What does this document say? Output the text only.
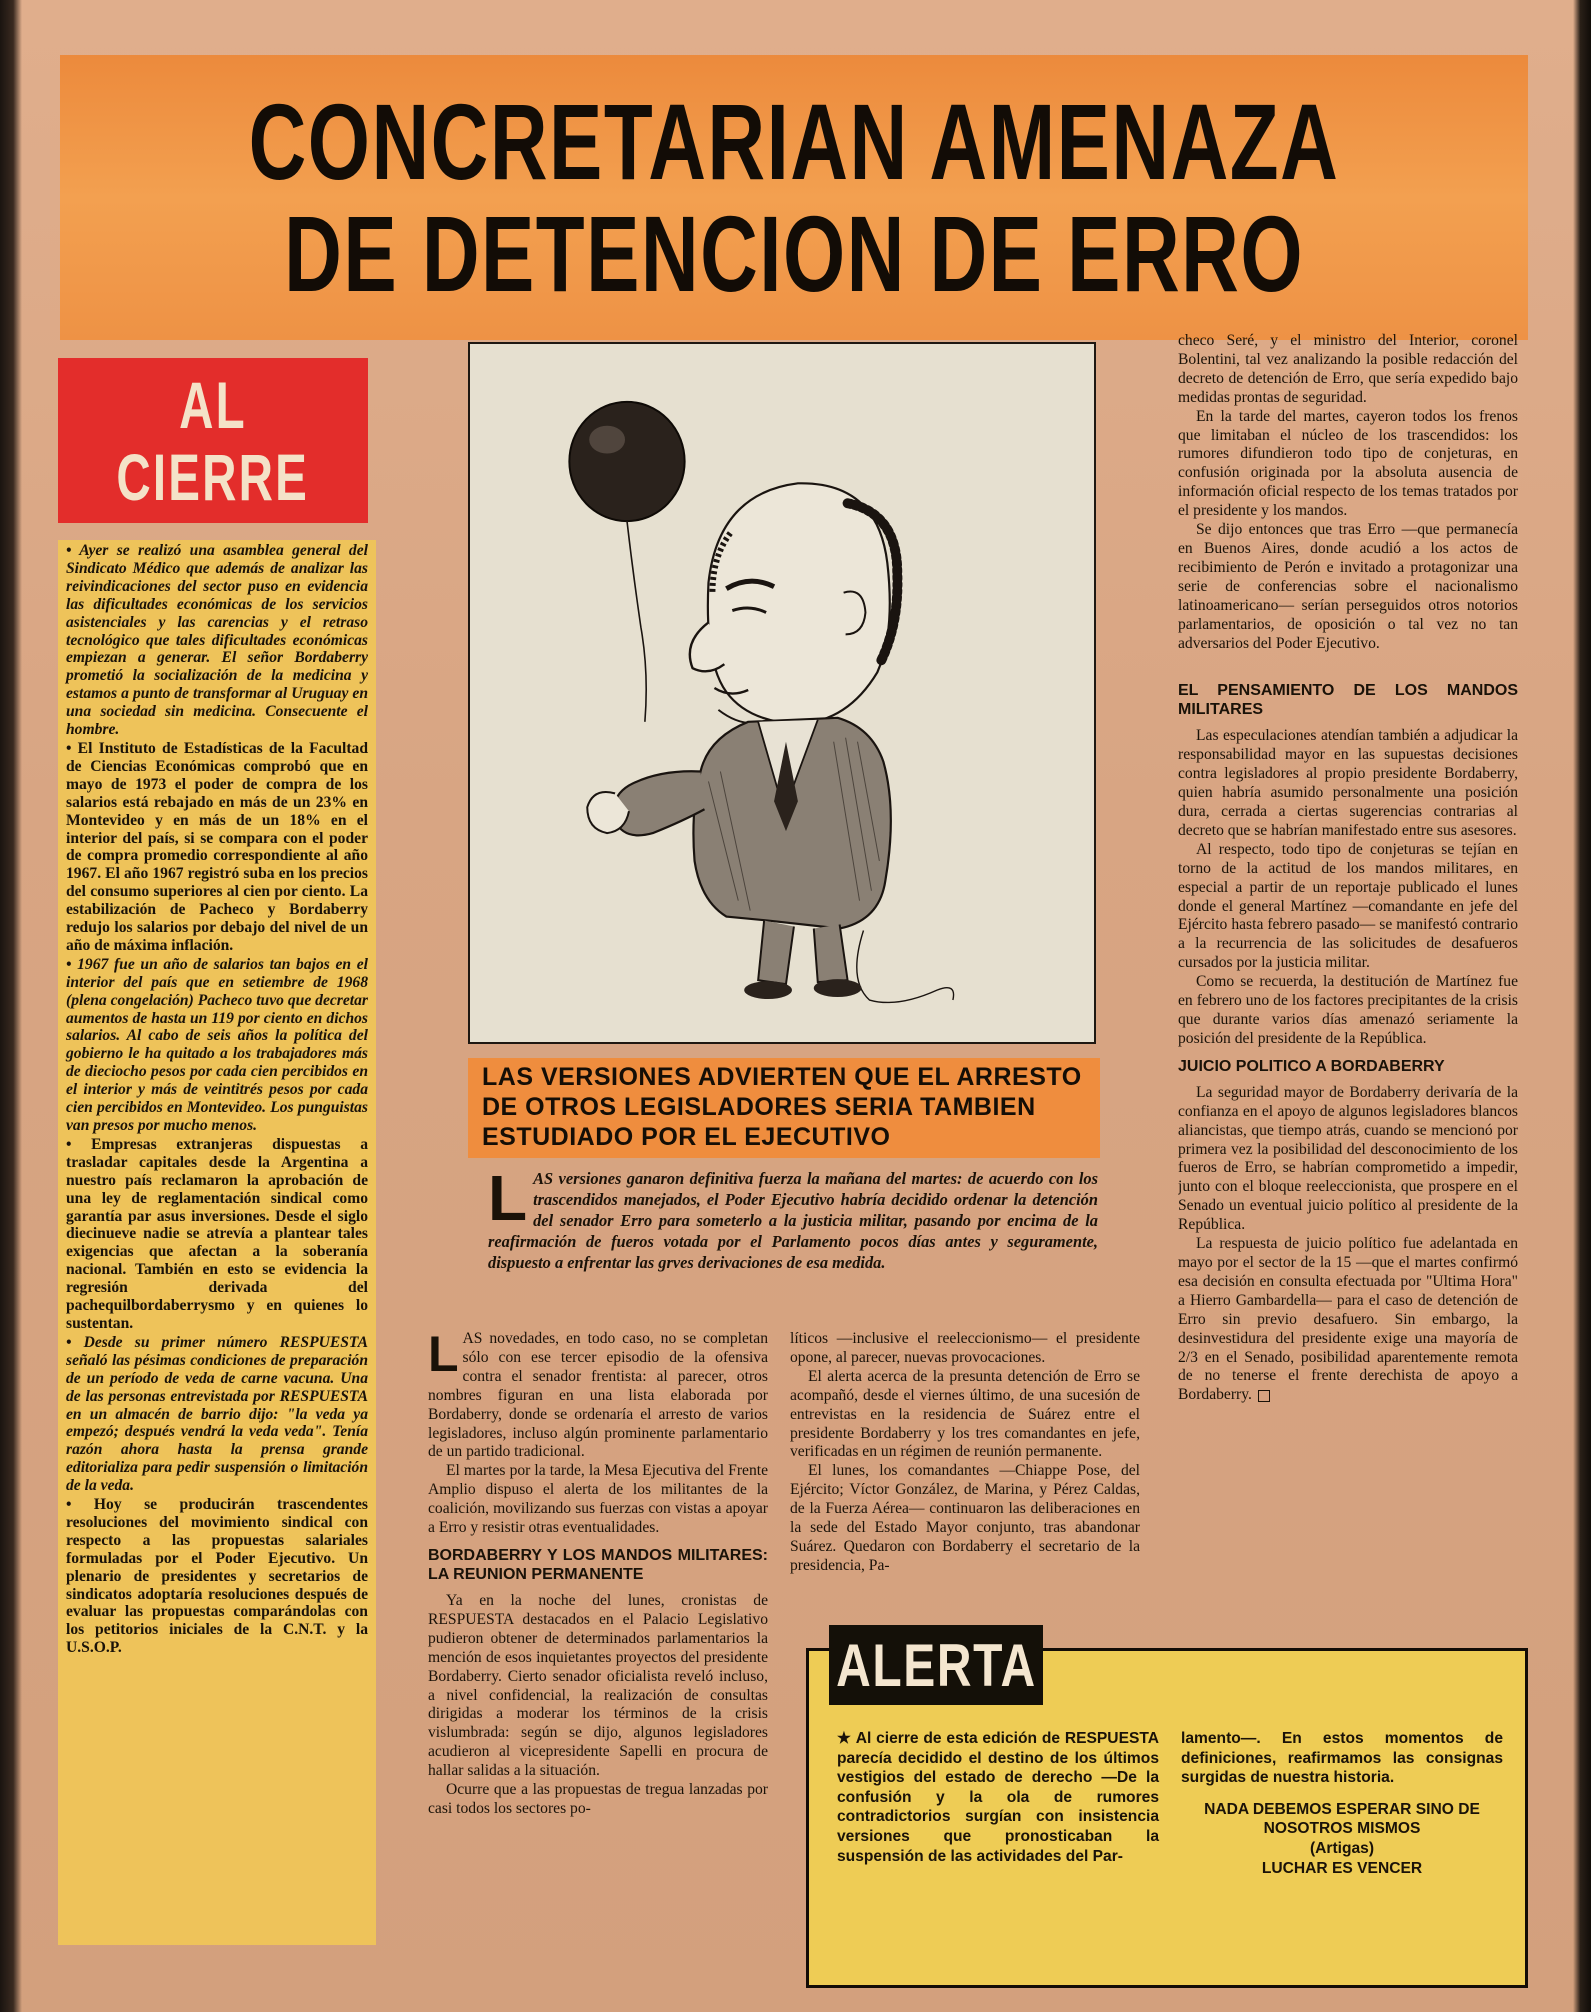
CONCRETARIAN AMENAZA
DE DETENCION DE ERRO
AL
CIERRE

• Ayer se realizó una asamblea general del Sindicato Médico que además de analizar las reivindicaciones del sector puso en evidencia las dificultades económicas de los servicios asistenciales y las carencias y el retraso tecnológico que tales dificultades económicas empiezan a generar. El señor Bordaberry prometió la socialización de la medicina y estamos a punto de transformar al Uruguay en una sociedad sin medicina. Consecuente el hombre.

• El Instituto de Estadísticas de la Facultad de Ciencias Económicas comprobó que en mayo de 1973 el poder de compra de los salarios está rebajado en más de un 23% en Montevideo y en más de un 18% en el interior del país, si se compara con el poder de compra promedio correspondiente al año 1967. El año 1967 registró suba en los precios del consumo superiores al cien por ciento. La estabilización de Pacheco y Bordaberry redujo los salarios por debajo del nivel de un año de máxima inflación.

• 1967 fue un año de salarios tan bajos en el interior del país que en setiembre de 1968 (plena congelación) Pacheco tuvo que decretar aumentos de hasta un 119 por ciento en dichos salarios. Al cabo de seis años la política del gobierno le ha quitado a los trabajadores más de dieciocho pesos por cada cien percibidos en el interior y más de veintitrés pesos por cada cien percibidos en Montevideo. Los punguistas van presos por mucho menos.

• Empresas extranjeras dispuestas a trasladar capitales desde la Argentina a nuestro país reclamaron la aprobación de una ley de reglamentación sindical como garantía par asus inversiones. Desde el siglo diecinueve nadie se atrevía a plantear tales exigencias que afectan a la soberanía nacional. También en esto se evidencia la regresión derivada del pachequilbordaberrysmo y en quienes lo sustentan.

• Desde su primer número RESPUESTA señaló las pésimas condiciones de preparación de un período de veda de carne vacuna. Una de las personas entrevistada por RESPUESTA en un almacén de barrio dijo: "la veda ya empezó; después vendrá la veda veda". Tenía razón ahora hasta la prensa grande editorializa para pedir suspensión o limitación de la veda.

• Hoy se producirán trascendentes resoluciones del movimiento sindical con respecto a las propuestas salariales formuladas por el Poder Ejecutivo. Un plenario de presidentes y secretarios de sindicatos adoptaría resoluciones después de evaluar las propuestas comparándolas con los petitorios iniciales de la C.N.T. y la U.S.O.P.

LAS VERSIONES ADVIERTEN QUE EL ARRESTO DE OTROS LEGISLADORES SERIA TAMBIEN ESTUDIADO POR EL EJECUTIVO
L AS versiones ganaron definitiva fuerza la mañana del martes: de acuerdo con los trascendidos manejados, el Poder Ejecutivo habría decidido ordenar la detención del senador Erro para someterlo a la justicia militar, pasando por encima de la reafirmación de fueros votada por el Parlamento pocos días antes y seguramente, dispuesto a enfrentar las grves derivaciones de esa medida.

LAS novedades, en todo caso, no se completan sólo con ese tercer episodio de la ofensiva contra el senador frentista: al parecer, otros nombres figuran en una lista elaborada por Bordaberry, donde se ordenaría el arresto de varios legisladores, incluso algún prominente parlamentario de un partido tradicional.

El martes por la tarde, la Mesa Ejecutiva del Frente Amplio dispuso el alerta de los militantes de la coalición, movilizando sus fuerzas con vistas a apoyar a Erro y resistir otras eventualidades.

BORDABERRY Y LOS MANDOS MILITARES: LA REUNION PERMANENTE

Ya en la noche del lunes, cronistas de RESPUESTA destacados en el Palacio Legislativo pudieron obtener de determinados parlamentarios la mención de esos inquietantes proyectos del presidente Bordaberry. Cierto senador oficialista reveló incluso, a nivel confidencial, la realización de consultas dirigidas a moderar los términos de la crisis vislumbrada: según se dijo, algunos legisladores acudieron al vicepresidente Sapelli en procura de hallar salidas a la situación.

Ocurre que a las propuestas de tregua lanzadas por casi todos los sectores po-

líticos —inclusive el reeleccionismo— el presidente opone, al parecer, nuevas provocaciones.

El alerta acerca de la presunta detención de Erro se acompañó, desde el viernes último, de una sucesión de entrevistas en la residencia de Suárez entre el presidente Bordaberry y los tres comandantes en jefe, verificadas en un régimen de reunión permanente.

El lunes, los comandantes —Chiappe Pose, del Ejército; Víctor González, de Marina, y Pérez Caldas, de la Fuerza Aérea— continuaron las deliberaciones en la sede del Estado Mayor conjunto, tras abandonar Suárez. Quedaron con Bordaberry el secretario de la presidencia, Pa-

checo Seré, y el ministro del Interior, coronel Bolentini, tal vez analizando la posible redacción del decreto de detención de Erro, que sería expedido bajo medidas prontas de seguridad.

En la tarde del martes, cayeron todos los frenos que limitaban el núcleo de los trascendidos: los rumores difundieron todo tipo de conjeturas, en confusión originada por la absoluta ausencia de información oficial respecto de los temas tratados por el presidente y los mandos.

Se dijo entonces que tras Erro —que permanecía en Buenos Aires, donde acudió a los actos de recibimiento de Perón e invitado a protagonizar una serie de conferencias sobre el nacionalismo latinoamericano— serían perseguidos otros notorios parlamentarios, de oposición o tal vez no tan adversarios del Poder Ejecutivo.

EL PENSAMIENTO DE LOS MANDOS MILITARES

Las especulaciones atendían también a adjudicar la responsabilidad mayor en las supuestas decisiones contra legisladores al propio presidente Bordaberry, quien habría asumido personalmente una posición dura, cerrada a ciertas sugerencias contrarias al decreto que se habrían manifestado entre sus asesores.

Al respecto, todo tipo de conjeturas se tejían en torno de la actitud de los mandos militares, en especial a partir de un reportaje publicado el lunes donde el general Martínez —comandante en jefe del Ejército hasta febrero pasado— se manifestó contrario a la recurrencia de las solicitudes de desafueros cursados por la justicia militar.

Como se recuerda, la destitución de Martínez fue en febrero uno de los factores precipitantes de la crisis que durante varios días amenazó seriamente la posición del presidente de la República.

JUICIO POLITICO A BORDABERRY

La seguridad mayor de Bordaberry derivaría de la confianza en el apoyo de algunos legisladores blancos aliancistas, que tiempo atrás, cuando se mencionó por primera vez la posibilidad del desconocimiento de los fueros de Erro, se habrían comprometido a impedir, junto con el bloque reeleccionista, que prospere en el Senado un eventual juicio político al presidente de la República.

La respuesta de juicio político fue adelantada en mayo por el sector de la 15 —que el martes confirmó esa decisión en consulta efectuada por "Ultima Hora" a Hierro Gambardella— para el caso de detención de Erro sin previo desafuero. Sin embargo, la desinvestidura del presidente exige una mayoría de 2/3 en el Senado, posibilidad aparentemente remota de no tenerse el frente derechista de apoyo a Bordaberry.

ALERTA
★ Al cierre de esta edición de RESPUESTA parecía decidido el destino de los últimos vestigios del estado de derecho —De la confusión y la ola de rumores contradictorios surgían con insistencia versiones que pronosticaban la suspensión de las actividades del Par-
lamento—. En estos momentos de definiciones, reafirmamos las consignas surgidas de nuestra historia.
NADA DEBEMOS ESPERAR SINO DE NOSOTROS MISMOS
(Artigas)
LUCHAR ES VENCER
